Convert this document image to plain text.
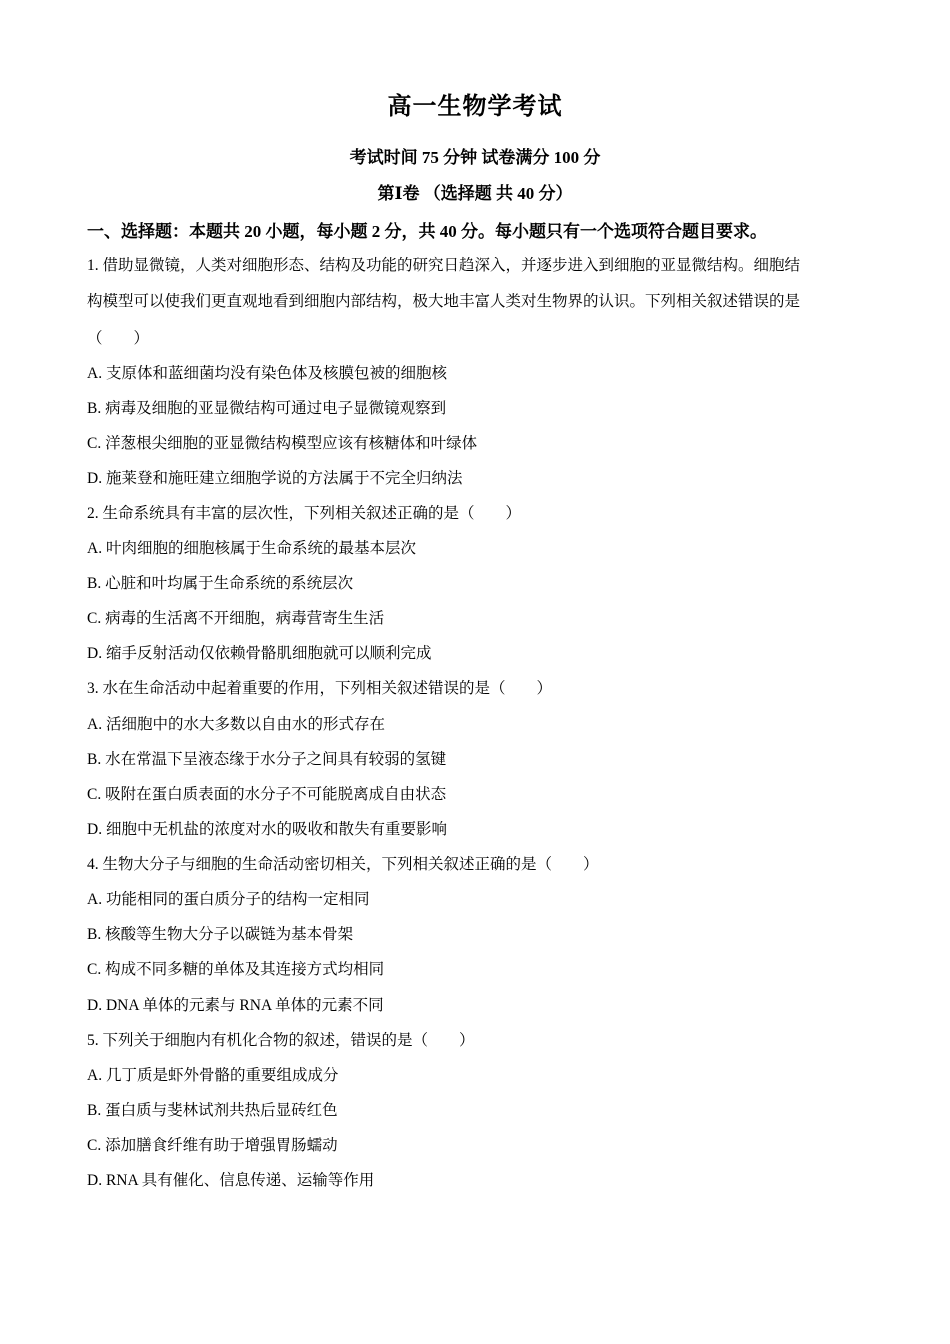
高一生物学考试
考试时间 75 分钟 试卷满分 100 分
第Ⅰ卷 （选择题 共 40 分）
一、选择题：本题共 20 小题，每小题 2 分，共 40 分。每小题只有一个选项符合题目要求。
1. 借助显微镜，人类对细胞形态、结构及功能的研究日趋深入，并逐步进入到细胞的亚显微结构。细胞结
构模型可以使我们更直观地看到细胞内部结构，极大地丰富人类对生物界的认识。下列相关叙述错误的是
（　　）
A. 支原体和蓝细菌均没有染色体及核膜包被的细胞核
B. 病毒及细胞的亚显微结构可通过电子显微镜观察到
C. 洋葱根尖细胞的亚显微结构模型应该有核糖体和叶绿体
D. 施莱登和施旺建立细胞学说的方法属于不完全归纳法
2. 生命系统具有丰富的层次性，下列相关叙述正确的是（　　）
A. 叶肉细胞的细胞核属于生命系统的最基本层次
B. 心脏和叶均属于生命系统的系统层次
C. 病毒的生活离不开细胞，病毒营寄生生活
D. 缩手反射活动仅依赖骨骼肌细胞就可以顺利完成
3. 水在生命活动中起着重要的作用，下列相关叙述错误的是（　　）
A. 活细胞中的水大多数以自由水的形式存在
B. 水在常温下呈液态缘于水分子之间具有较弱的氢键
C. 吸附在蛋白质表面的水分子不可能脱离成自由状态
D. 细胞中无机盐的浓度对水的吸收和散失有重要影响
4. 生物大分子与细胞的生命活动密切相关，下列相关叙述正确的是（　　）
A. 功能相同的蛋白质分子的结构一定相同
B. 核酸等生物大分子以碳链为基本骨架
C. 构成不同多糖的单体及其连接方式均相同
D. DNA 单体的元素与 RNA 单体的元素不同
5. 下列关于细胞内有机化合物的叙述，错误的是（　　）
A. 几丁质是虾外骨骼的重要组成成分
B. 蛋白质与斐林试剂共热后显砖红色
C. 添加膳食纤维有助于增强胃肠蠕动
D. RNA 具有催化、信息传递、运输等作用
